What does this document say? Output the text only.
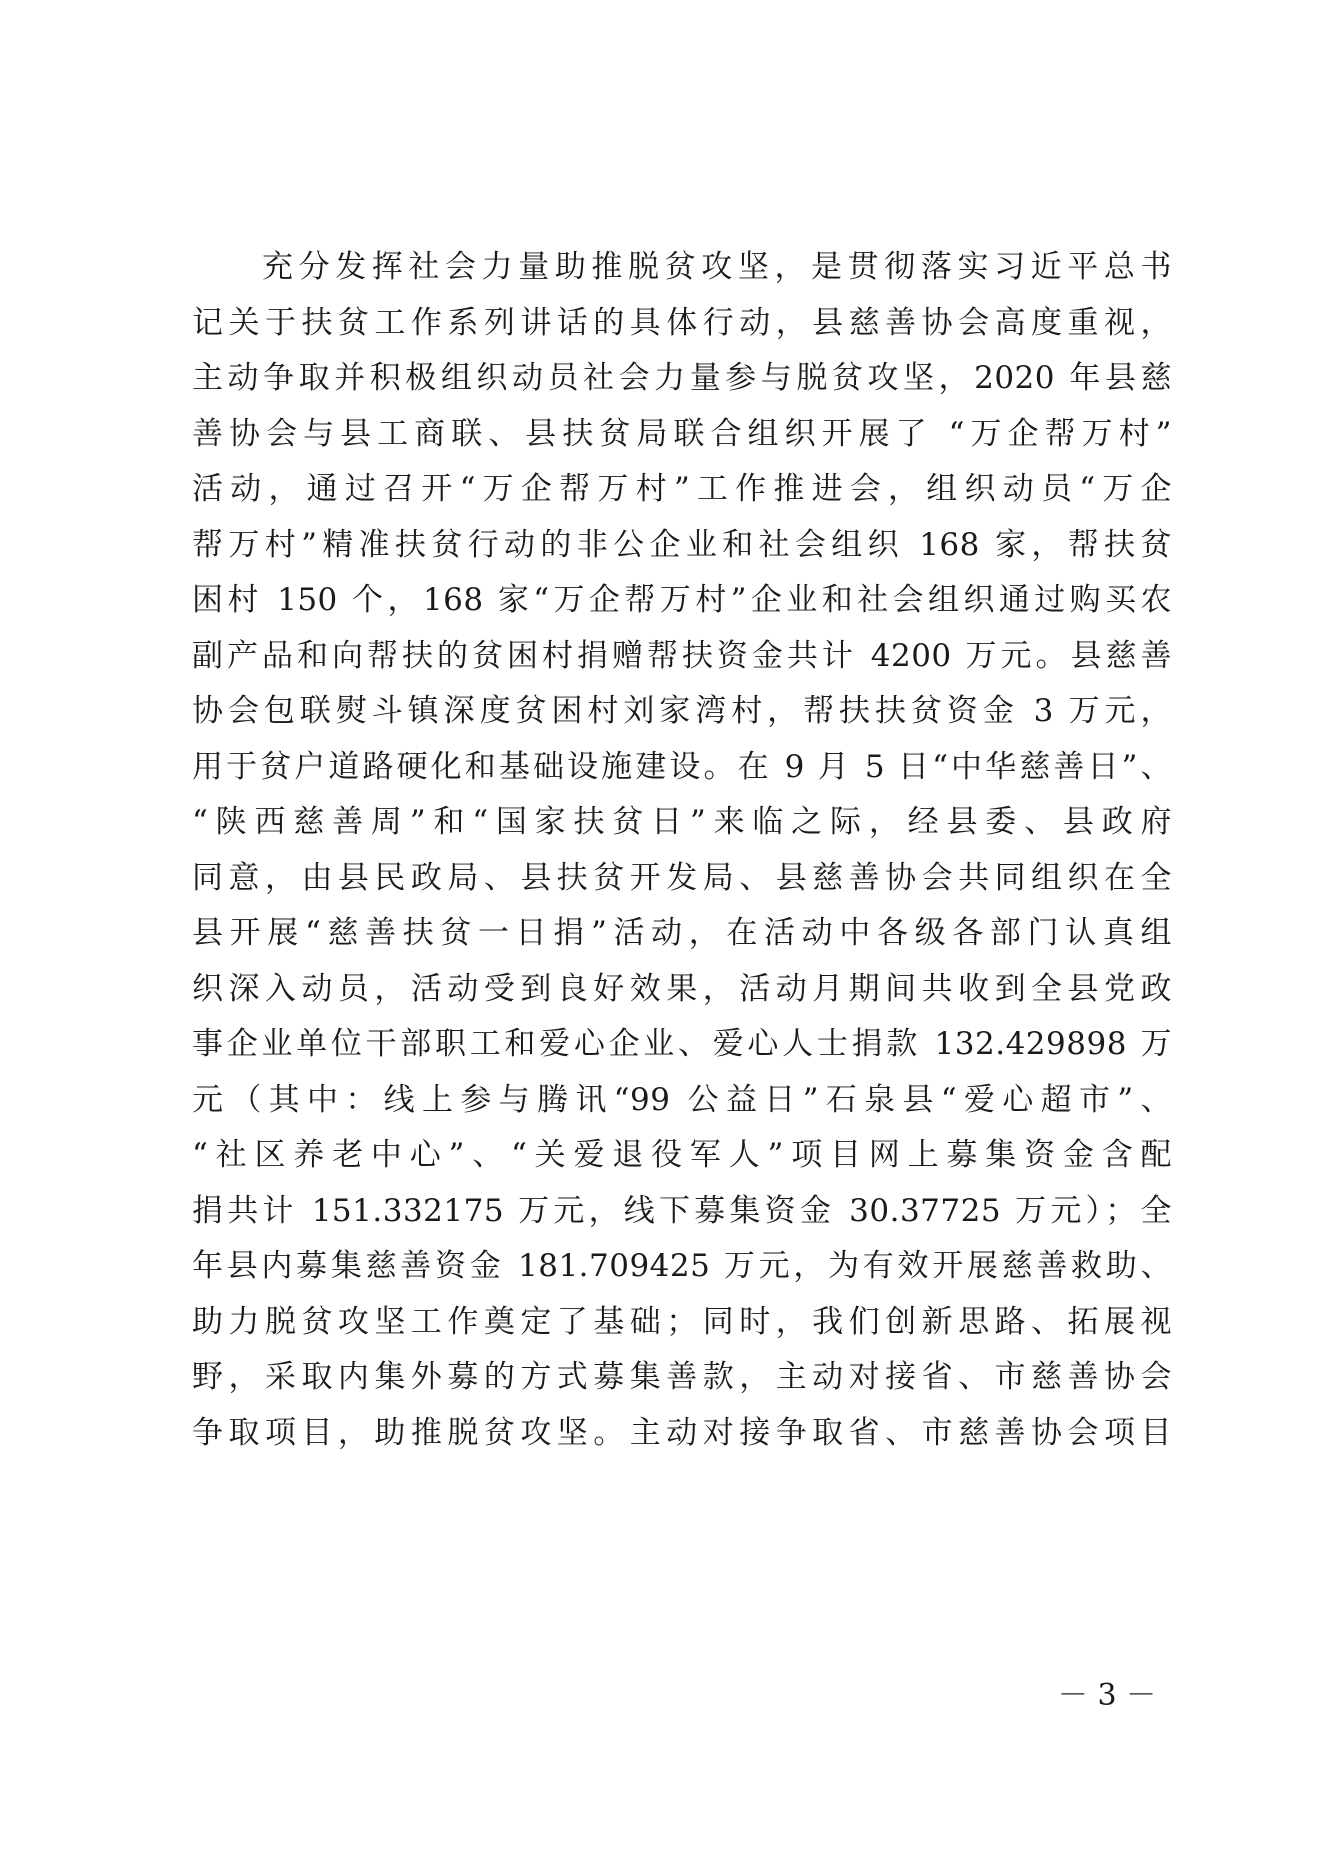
充分发挥社会力量助推脱贫攻坚，是贯彻落实习近平总书
记关于扶贫工作系列讲话的具体行动，县慈善协会高度重视，
主动争取并积极组织动员社会力量参与脱贫攻坚，2020 年县慈
善协会与县工商联、县扶贫局联合组织开展了 “万企帮万村”
活动，通过召开“万企帮万村”工作推进会，组织动员“万企
帮万村”精准扶贫行动的非公企业和社会组织 168 家，帮扶贫
困村 150 个，168 家“万企帮万村”企业和社会组织通过购买农
副产品和向帮扶的贫困村捐赠帮扶资金共计 4200 万元。县慈善
协会包联熨斗镇深度贫困村刘家湾村，帮扶扶贫资金 3 万元，
用于贫户道路硬化和基础设施建设。在 9 月 5 日“中华慈善日”、
“陕西慈善周”和“国家扶贫日”来临之际，经县委、县政府
同意，由县民政局、县扶贫开发局、县慈善协会共同组织在全
县开展“慈善扶贫一日捐”活动，在活动中各级各部门认真组
织深入动员，活动受到良好效果，活动月期间共收到全县党政
事企业单位干部职工和爱心企业、爱心人士捐款 132.429898 万
元（其中：线上参与腾讯“99 公益日”石泉县“爱心超市”、
“社区养老中心”、“关爱退役军人”项目网上募集资金含配
捐共计 151.332175 万元，线下募集资金 30.37725 万元）；全
年县内募集慈善资金 181.709425 万元，为有效开展慈善救助、
助力脱贫攻坚工作奠定了基础；同时，我们创新思路、拓展视
野，采取内集外募的方式募集善款，主动对接省、市慈善协会
争取项目，助推脱贫攻坚。主动对接争取省、市慈善协会项目
－ 3 －
